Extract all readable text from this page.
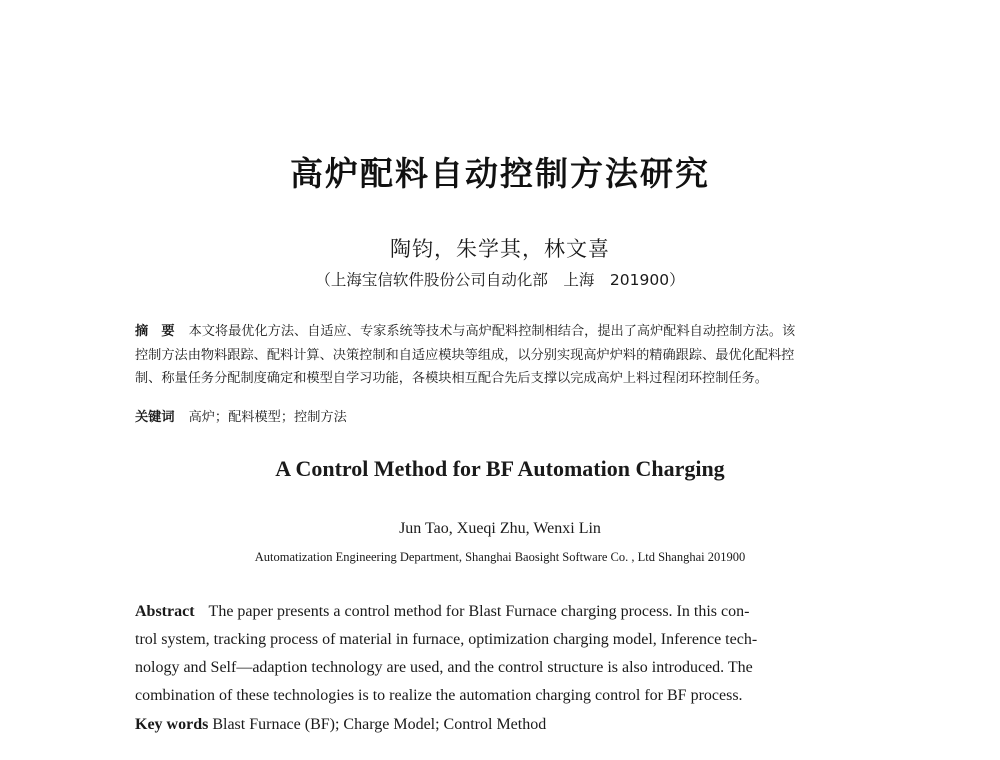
高炉配料自动控制方法研究
陶钧，朱学其，林文喜
（上海宝信软件股份公司自动化部　上海　201900）
摘　要 本文将最优化方法、自适应、专家系统等技术与高炉配料控制相结合，提出了高炉配料自动控制方法。该
控制方法由物料跟踪、配料计算、决策控制和自适应模块等组成，以分别实现高炉炉料的精确跟踪、最优化配料控
制、称量任务分配制度确定和模型自学习功能，各模块相互配合先后支撑以完成高炉上料过程闭环控制任务。
关键词 高炉；配料模型；控制方法
A Control Method for BF Automation Charging
Jun Tao, Xueqi Zhu, Wenxi Lin
Automatization Engineering Department, Shanghai Baosight Software Co. , Ltd Shanghai 201900
Abstract The paper presents a control method for Blast Furnace charging process. In this con-
trol system, tracking process of material in furnace, optimization charging model, Inference tech-
nology and Self—adaption technology are used, and the control structure is also introduced. The
combination of these technologies is to realize the automation charging control for BF process.
Key words Blast Furnace (BF); Charge Model; Control Method
